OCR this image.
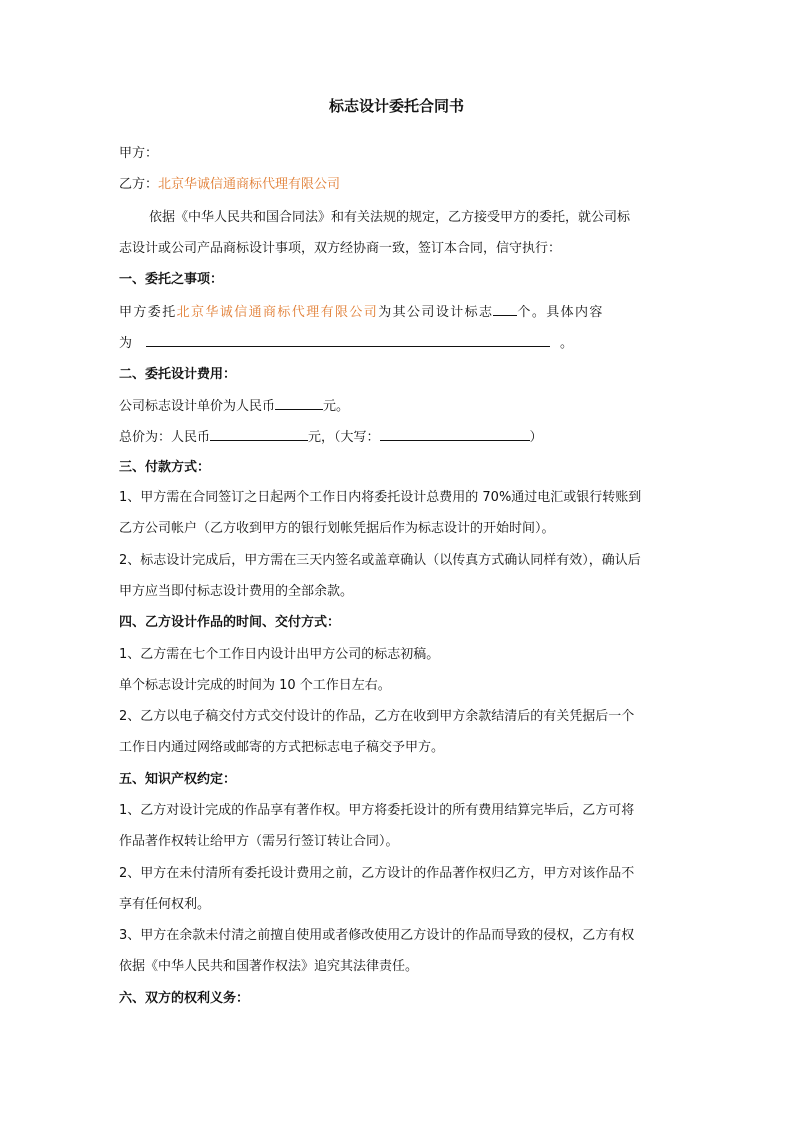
标志设计委托合同书
甲方：
乙方：北京华诚信通商标代理有限公司
依据《中华人民共和国合同法》和有关法规的规定，乙方接受甲方的委托，就公司标
志设计或公司产品商标设计事项，双方经协商一致，签订本合同，信守执行：
一、委托之事项：
甲方委托北京华诚信通商标代理有限公司为其公司设计标志 个。具体内容
为	。
二、委托设计费用：
公司标志设计单价为人民币	元。
总价为：人民币	元，（大写：	）
三、付款方式：
1、甲方需在合同签订之日起两个工作日内将委托设计总费用的 70%通过电汇或银行转账到
乙方公司帐户（乙方收到甲方的银行划帐凭据后作为标志设计的开始时间）。
2、标志设计完成后，甲方需在三天内签名或盖章确认（以传真方式确认同样有效），确认后
甲方应当即付标志设计费用的全部余款。
四、乙方设计作品的时间、交付方式：
1、乙方需在七个工作日内设计出甲方公司的标志初稿。
单个标志设计完成的时间为 10 个工作日左右。
2、乙方以电子稿交付方式交付设计的作品，乙方在收到甲方余款结清后的有关凭据后一个
工作日内通过网络或邮寄的方式把标志电子稿交予甲方。
五、知识产权约定：
1、乙方对设计完成的作品享有著作权。甲方将委托设计的所有费用结算完毕后，乙方可将
作品著作权转让给甲方（需另行签订转让合同）。
2、甲方在未付清所有委托设计费用之前，乙方设计的作品著作权归乙方，甲方对该作品不
享有任何权利。
3、甲方在余款未付清之前擅自使用或者修改使用乙方设计的作品而导致的侵权，乙方有权
依据《中华人民共和国著作权法》追究其法律责任。
六、双方的权利义务：
